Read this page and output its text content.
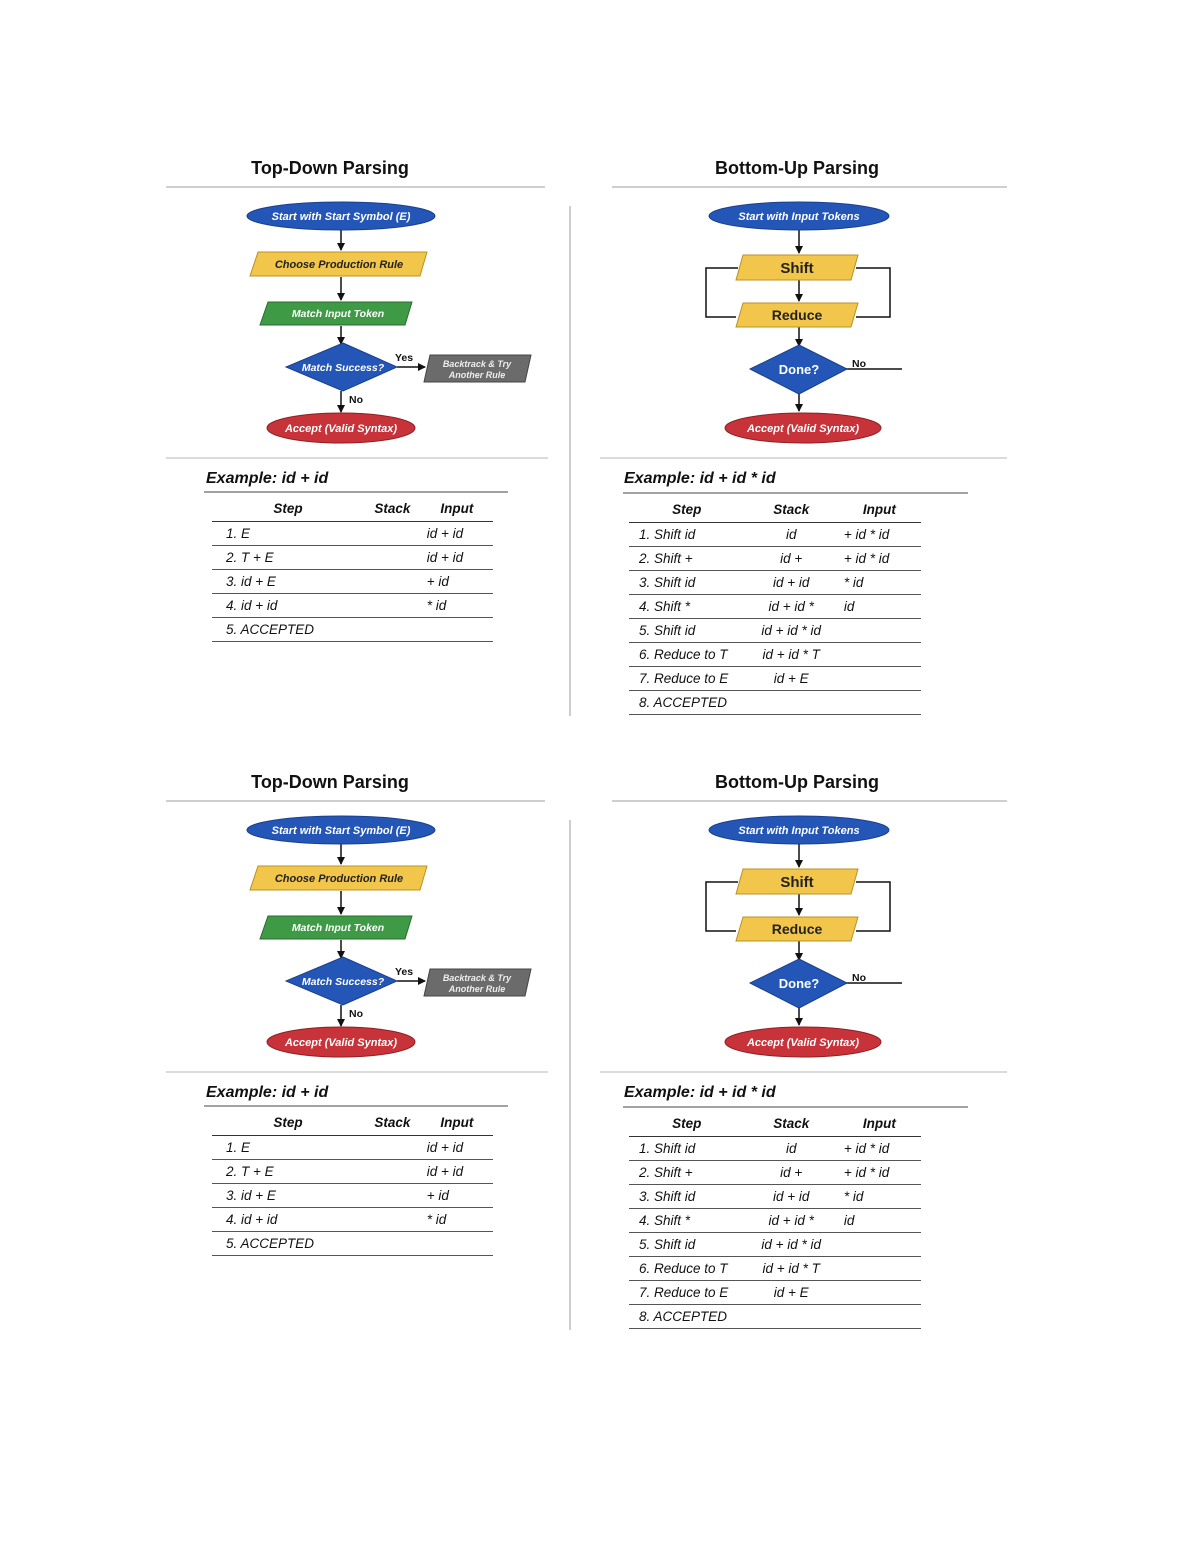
Start with Start Symbol (E)
Choose Production Rule
Match Input Token
Match Success?
Yes
No
Backtrack & Try
Another Rule
Accept (Valid Syntax)
Start with Input Tokens
Shift
Reduce
Done?	No
Accept (Valid Syntax)
Top-Down Parsing	Bottom-Up Parsing
Example: id + id	Example: id + id * id
Step	Stack	Input
1. E		id + id
2. T + E		id + id
3. id + E		+ id
4. id + id		* id
5. ACCEPTED		
Step	Stack	Input
1. Shift id	id	+ id * id
2. Shift +	id +	+ id * id
3. Shift id	id + id	* id
4. Shift *	id + id *	id
5. Shift id	id + id * id	
6. Reduce to T	id + id * T	
7. Reduce to E	id + E	
8. ACCEPTED		
Start with Start Symbol (E)
Choose Production Rule
Match Input Token
Match Success?
Yes
No
Backtrack & Try
Another Rule
Accept (Valid Syntax)
Start with Input Tokens
Shift
Reduce
Done?	No
Accept (Valid Syntax)
Top-Down Parsing	Bottom-Up Parsing
Example: id + id	Example: id + id * id
Step	Stack	Input
1. E		id + id
2. T + E		id + id
3. id + E		+ id
4. id + id		* id
5. ACCEPTED		
Step	Stack	Input
1. Shift id	id	+ id * id
2. Shift +	id +	+ id * id
3. Shift id	id + id	* id
4. Shift *	id + id *	id
5. Shift id	id + id * id	
6. Reduce to T	id + id * T	
7. Reduce to E	id + E	
8. ACCEPTED		
